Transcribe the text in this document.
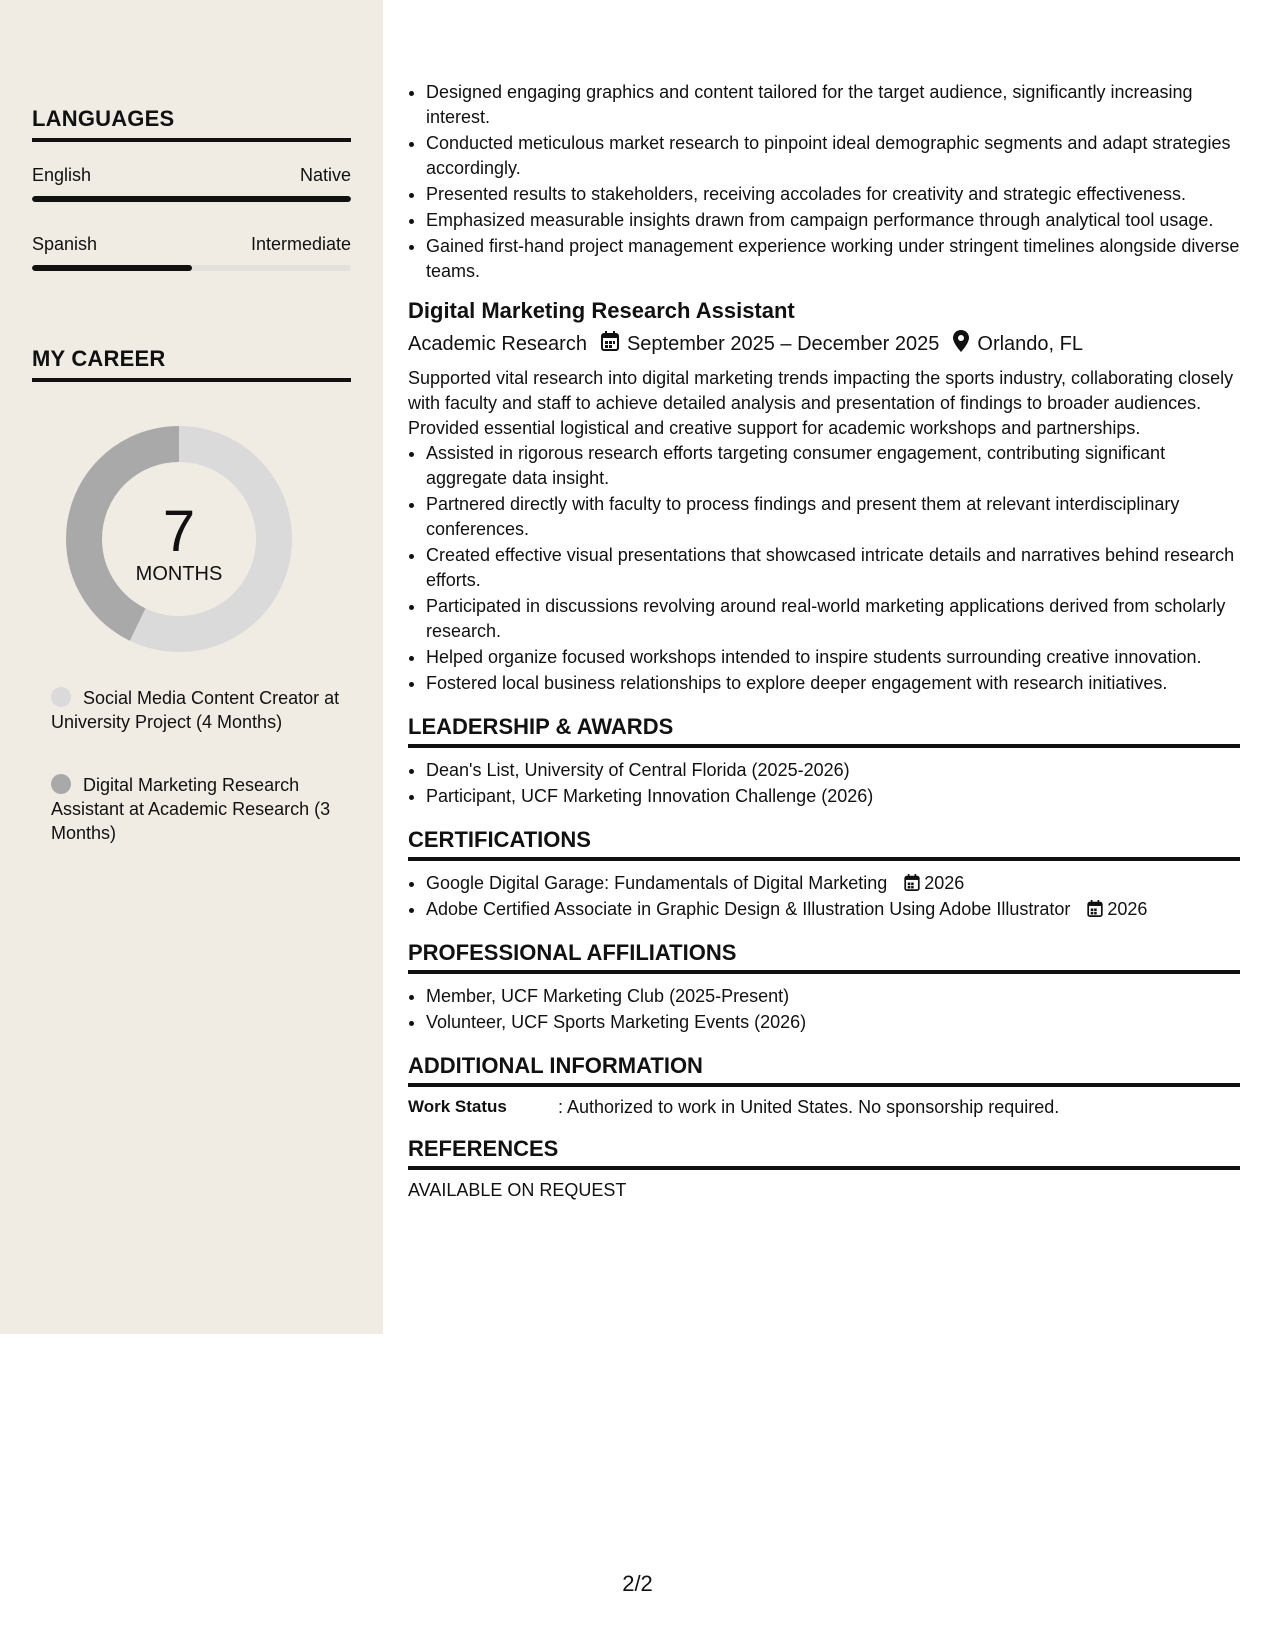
LANGUAGES
English	Native
Spanish	Intermediate
MY CAREER
7
MONTHS
Social Media Content Creator at University Project (4 Months)
Digital Marketing Research Assistant at Academic Research (3 Months)
• Designed engaging graphics and content tailored for the target audience, significantly increasing interest.
• Conducted meticulous market research to pinpoint ideal demographic segments and adapt strategies accordingly.
• Presented results to stakeholders, receiving accolades for creativity and strategic effectiveness.
• Emphasized measurable insights drawn from campaign performance through analytical tool usage.
• Gained first-hand project management experience working under stringent timelines alongside diverse teams.
Digital Marketing Research Assistant
Academic Research September 2025 – December 2025 Orlando, FL
Supported vital research into digital marketing trends impacting the sports industry, collaborating closely with faculty and staff to achieve detailed analysis and presentation of findings to broader audiences. Provided essential logistical and creative support for academic workshops and partnerships.
• Assisted in rigorous research efforts targeting consumer engagement, contributing significant aggregate data insight.
• Partnered directly with faculty to process findings and present them at relevant interdisciplinary conferences.
• Created effective visual presentations that showcased intricate details and narratives behind research efforts.
• Participated in discussions revolving around real-world marketing applications derived from scholarly research.
• Helped organize focused workshops intended to inspire students surrounding creative innovation.
• Fostered local business relationships to explore deeper engagement with research initiatives.
LEADERSHIP & AWARDS
• Dean's List, University of Central Florida (2025-2026)
• Participant, UCF Marketing Innovation Challenge (2026)
CERTIFICATIONS
• Google Digital Garage: Fundamentals of Digital Marketing 2026
• Adobe Certified Associate in Graphic Design & Illustration Using Adobe Illustrator 2026
PROFESSIONAL AFFILIATIONS
• Member, UCF Marketing Club (2025-Present)
• Volunteer, UCF Sports Marketing Events (2026)
ADDITIONAL INFORMATION
Work Status	: Authorized to work in United States. No sponsorship required.
REFERENCES
AVAILABLE ON REQUEST
2/2
